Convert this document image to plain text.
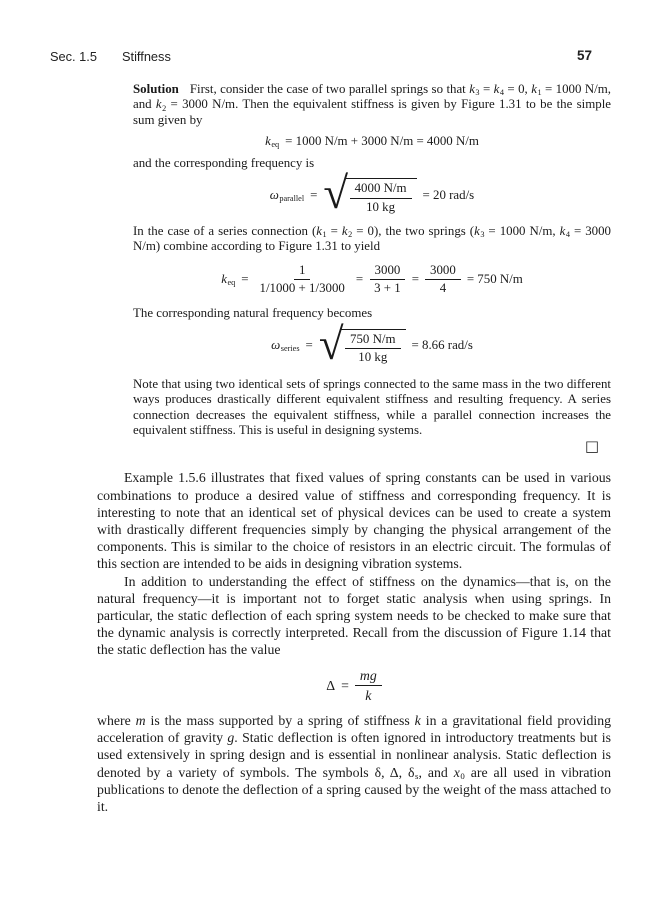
Sec. 1.5 Stiffness	57

Solution First, consider the case of two parallel springs so that $k_3 = k_4 = 0$, $k_1 = 1000$ N/m, and $k_2 = 3000$ N/m. Then the equivalent stiffness is given by Figure 1.31 to be the simple sum given by

$k_{eq} = 1000$ N/m + 3000 N/m = 4000 N/m

and the corresponding frequency is

$\omega_{parallel}$ = √ $\frac{4000 N/m}{10 kg} = 20$ rad/s

In the case of a series connection $(k_1 = k_2 = 0)$, the two springs ($k_3 = 1000$ N/m, $k_4 = 3000$ N/m) combine according to Figure 1.31 to yield

$k_{eq} = \frac{1}{1/1000 + 1/3000} = \frac{3000}{3 + 1} = \frac{3000}{4} = 750$ N/m

The corresponding natural frequency becomes

$\omega_{series}$ = √ $\frac{750 N/m}{10 kg} = 8.66$ rad/s

Note that using two identical sets of springs connected to the same mass in the two different ways produces drastically different equivalent stiffness and resulting frequency. A series connection decreases the equivalent stiffness, while a parallel connection increases the equivalent stiffness. This is useful in designing systems.

□

Example 1.5.6 illustrates that fixed values of spring constants can be used in various combinations to produce a desired value of stiffness and corresponding frequency. It is interesting to note that an identical set of physical devices can be used to create a system with drastically different frequencies simply by changing the physical arrangement of the components. This is similar to the choice of resistors in an electric circuit. The formulas of this section are intended to be aids in designing vibration systems.

In addition to understanding the effect of stiffness on the dynamics—that is, on the natural frequency—it is important not to forget static analysis when using springs. In particular, the static deflection of each spring system needs to be checked to make sure that the dynamic analysis is correctly interpreted. Recall from the discussion of Figure 1.14 that the static deflection has the value

$\Delta = \frac{mg}{k}$

where m is the mass supported by a spring of stiffness k in a gravitational field providing acceleration of gravity g. Static deflection is often ignored in introductory treatments but is used extensively in spring design and is essential in nonlinear analysis. Static deflection is denoted by a variety of symbols. The symbols δ, Δ, $\delta_s$, and $x_0$ are all used in vibration publications to denote the deflection of a spring caused by the weight of the mass attached to it.
